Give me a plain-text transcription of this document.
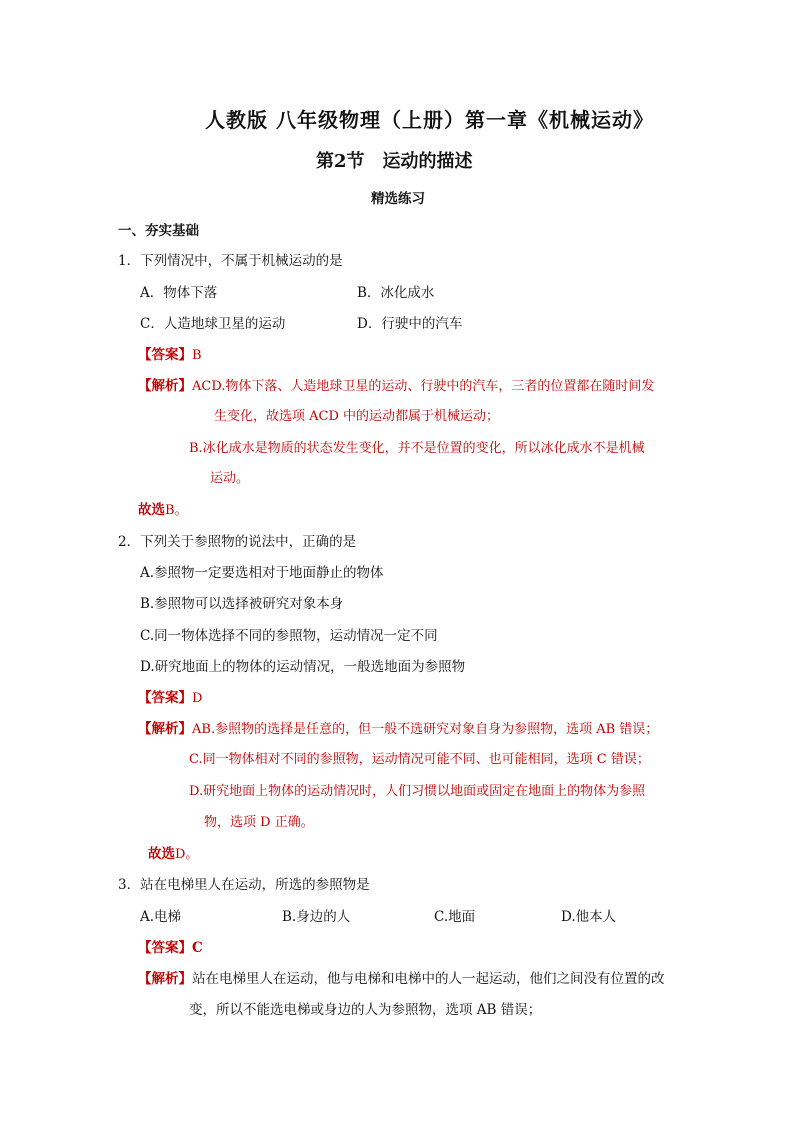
人教版 八年级物理（上册）第一章《机械运动》
第2节　运动的描述
精选练习
一、夯实基础
1．下列情况中，不属于机械运动的是
A．物体下落	B．冰化成水
C．人造地球卫星的运动	D．行驶中的汽车
【答案】B
【解析】ACD.物体下落、人造地球卫星的运动、行驶中的汽车，三者的位置都在随时间发
生变化，故选项 ACD 中的运动都属于机械运动；
B.冰化成水是物质的状态发生变化，并不是位置的变化，所以冰化成水不是机械
运动。
故选B。
2．下列关于参照物的说法中，正确的是
A.参照物一定要选相对于地面静止的物体
B.参照物可以选择被研究对象本身
C.同一物体选择不同的参照物，运动情况一定不同
D.研究地面上的物体的运动情况，一般选地面为参照物
【答案】D
【解析】AB.参照物的选择是任意的，但一般不选研究对象自身为参照物，选项 AB 错误；
C.同一物体相对不同的参照物，运动情况可能不同、也可能相同，选项 C 错误；
D.研究地面上物体的运动情况时，人们习惯以地面或固定在地面上的物体为参照
物，选项 D 正确。
故选D。
3．站在电梯里人在运动，所选的参照物是
A.电梯	B.身边的人	C.地面	D.他本人
【答案】C
【解析】站在电梯里人在运动，他与电梯和电梯中的人一起运动，他们之间没有位置的改
变，所以不能选电梯或身边的人为参照物，选项 AB 错误；
